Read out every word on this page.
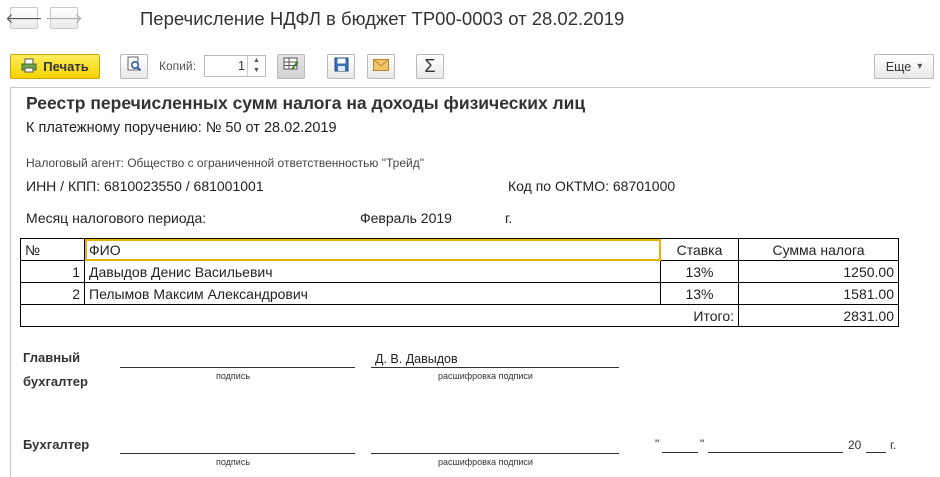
🡐 🡒	Перечисление НДФЛ в бюджет ТР00-0003 от 28.02.2019
Печать	Копий:	1	▲
▼	Σ	Еще ▾
Реестр перечисленных сумм налога на доходы физических лиц
К платежному поручению: № 50 от 28.02.2019
Налоговый агент: Общество с ограниченной ответственностью "Трейд"
ИНН / КПП: 6810023550 / 681001001	Код по ОКТМО: 68701000
Месяц налогового периода:	Февраль 2019	г.
№	ФИО	Ставка	Сумма налога
1	Давыдов Денис Васильевич	13%	1250.00
2	Пелымов Максим Александрович	13%	1581.00
Итого:			2831.00
Главный
бухгалтер	подпись
Д. В. Давыдов
расшифровка подписи
Бухгалтер
подпись	расшифровка подписи
"	"	20 г.
